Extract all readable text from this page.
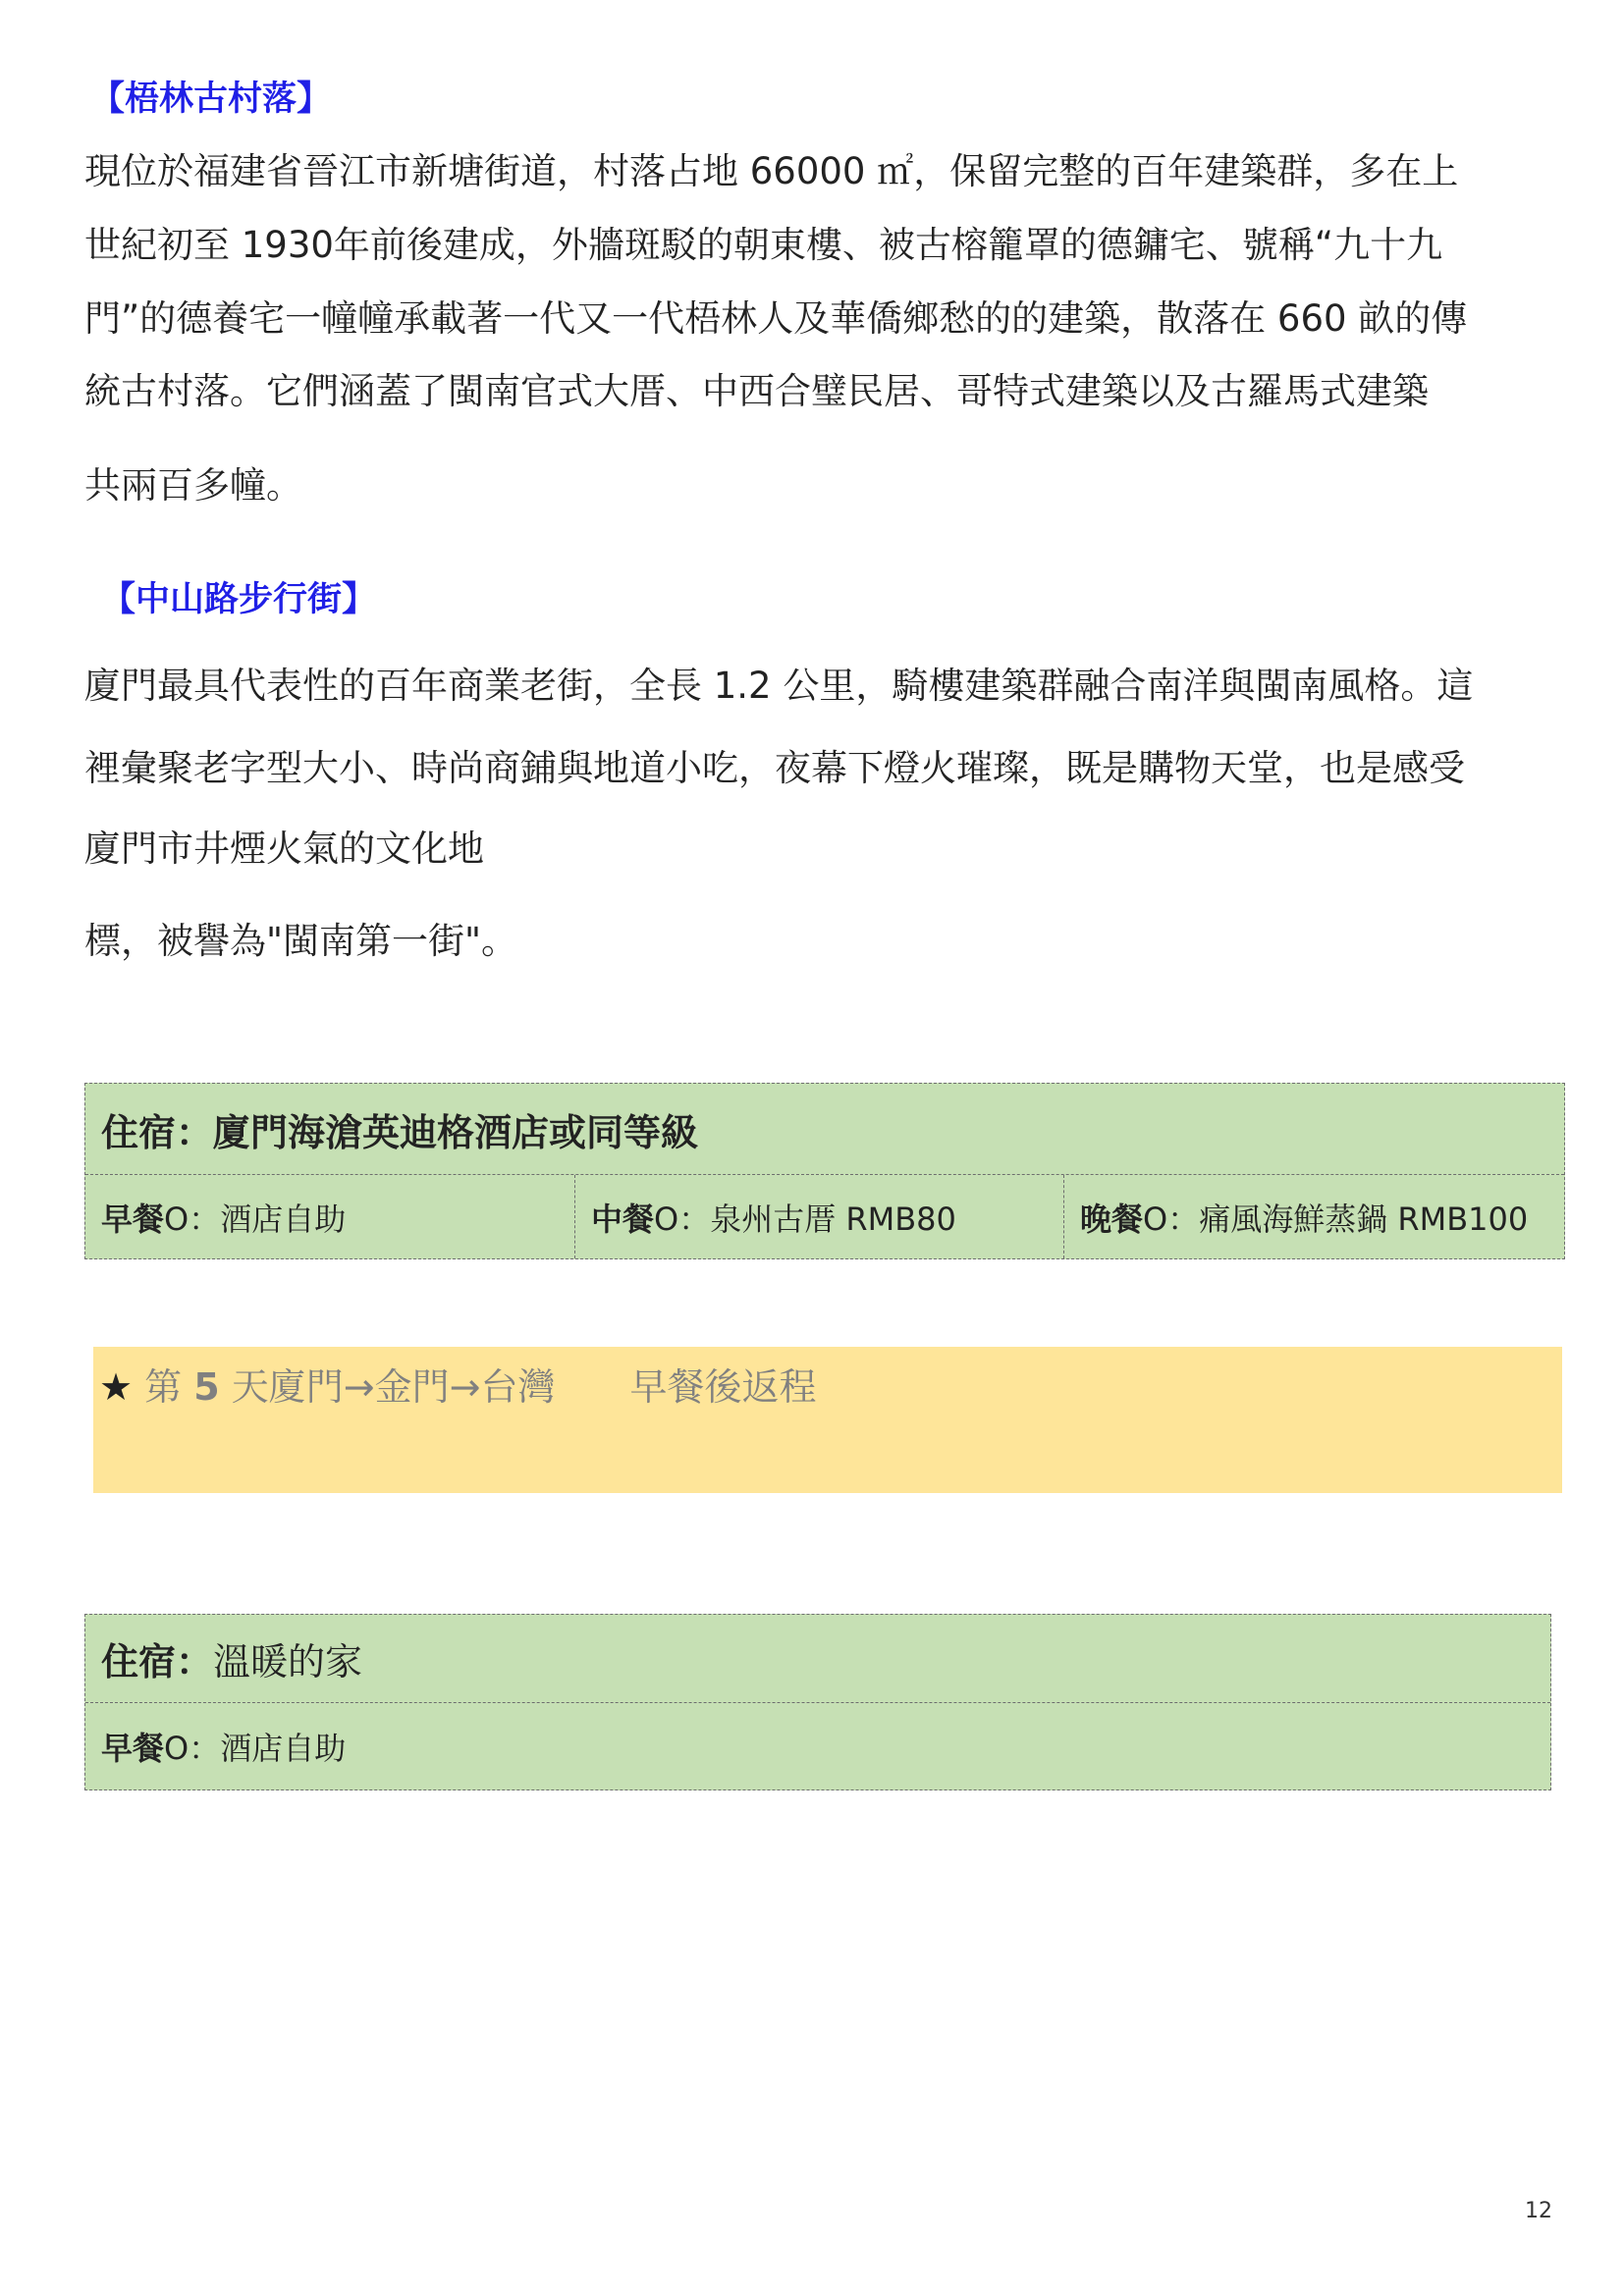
【梧林古村落】
現位於福建省晉江市新塘街道，村落占地 66000 ㎡，保留完整的百年建築群，多在上
世紀初至 1930年前後建成，外牆斑駁的朝東樓、被古榕籠罩的德鏞宅、號稱“九十九
門”的德養宅一幢幢承載著一代又一代梧林人及華僑鄉愁的的建築，散落在 660 畝的傳
統古村落。它們涵蓋了閩南官式大厝、中西合璧民居、哥特式建築以及古羅馬式建築
共兩百多幢。
【中山路步行街】
廈門最具代表性的百年商業老街，全長 1.2 公里，騎樓建築群融合南洋與閩南風格。這
裡彙聚老字型大小、時尚商鋪與地道小吃，夜幕下燈火璀璨，既是購物天堂，也是感受
廈門市井煙火氣的文化地
標，被譽為"閩南第一街"。
住宿： 廈門海滄英迪格酒店或同等級
早餐 O：酒店自助	中餐 O：泉州古厝 RMB80	晚餐 O：痛風海鮮蒸鍋 RMB100
★ 第 5 天廈門→金門→台灣 早餐後返程
住宿： 溫暖的家
早餐 O：酒店自助
12
